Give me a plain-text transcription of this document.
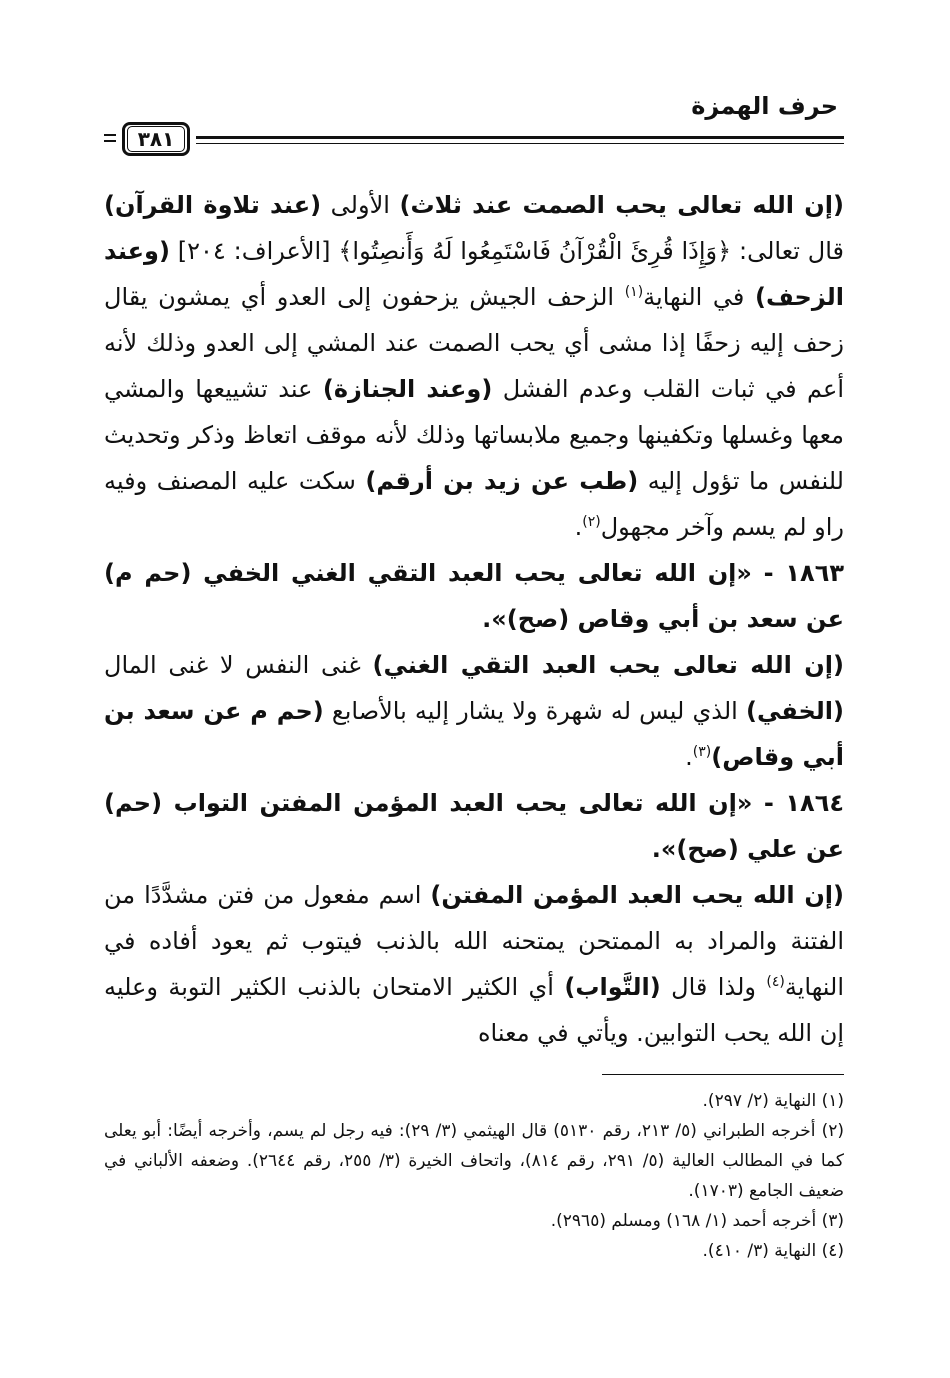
حرف الهمزة
٣٨١

(إن الله تعالى يحب الصمت عند ثلاث) الأولى (عند تلاوة القرآن) قال تعالى: ﴿وَإِذَا قُرِئَ الْقُرْآنُ فَاسْتَمِعُوا لَهُ وَأَنصِتُوا﴾ [الأعراف: ٢٠٤] (وعند الزحف) في النهاية$^{(١)}$ الزحف الجيش يزحفون إلى العدو أي يمشون يقال زحف إليه زحفًا إذا مشى أي يحب الصمت عند المشي إلى العدو وذلك لأنه أعم في ثبات القلب وعدم الفشل (وعند الجنازة) عند تشييعها والمشي معها وغسلها وتكفينها وجميع ملابساتها وذلك لأنه موقف اتعاظ وذكر وتحديث للنفس ما تؤول إليه (طب عن زيد بن أرقم) سكت عليه المصنف وفيه راو لم يسم وآخر مجهول$^{(٢)}$.

١٨٦٣ - «إن الله تعالى يحب العبد التقي الغني الخفي (حم م) عن سعد بن أبي وقاص (صح)».

(إن الله تعالى يحب العبد التقي الغني) غنى النفس لا غنى المال (الخفي) الذي ليس له شهرة ولا يشار إليه بالأصابع (حم م عن سعد بن أبي وقاص)$^{(٣)}$.

١٨٦٤ - «إن الله تعالى يحب العبد المؤمن المفتن التواب (حم) عن علي (صح)».

(إن الله يحب العبد المؤمن المفتن) اسم مفعول من فتن مشدَّدًا من الفتنة والمراد به الممتحن يمتحنه الله بالذنب فيتوب ثم يعود أفاده في النهاية$^{(٤)}$ ولذا قال (التَّواب) أي الكثير الامتحان بالذنب الكثير التوبة وعليه إن الله يحب التوابين. ويأتي في معناه

(١) النهاية (٢/ ٢٩٧).

(٢) أخرجه الطبراني (٥/ ٢١٣، رقم ٥١٣٠) قال الهيثمي (٣/ ٢٩): فيه رجل لم يسم، وأخرجه أيضًا: أبو يعلى كما في المطالب العالية (٥/ ٢٩١، رقم ٨١٤)، واتحاف الخيرة (٣/ ٢٥٥، رقم ٢٦٤٤). وضعفه الألباني في ضعيف الجامع (١٧٠٣).

(٣) أخرجه أحمد (١/ ١٦٨) ومسلم (٢٩٦٥).

(٤) النهاية (٣/ ٤١٠).
